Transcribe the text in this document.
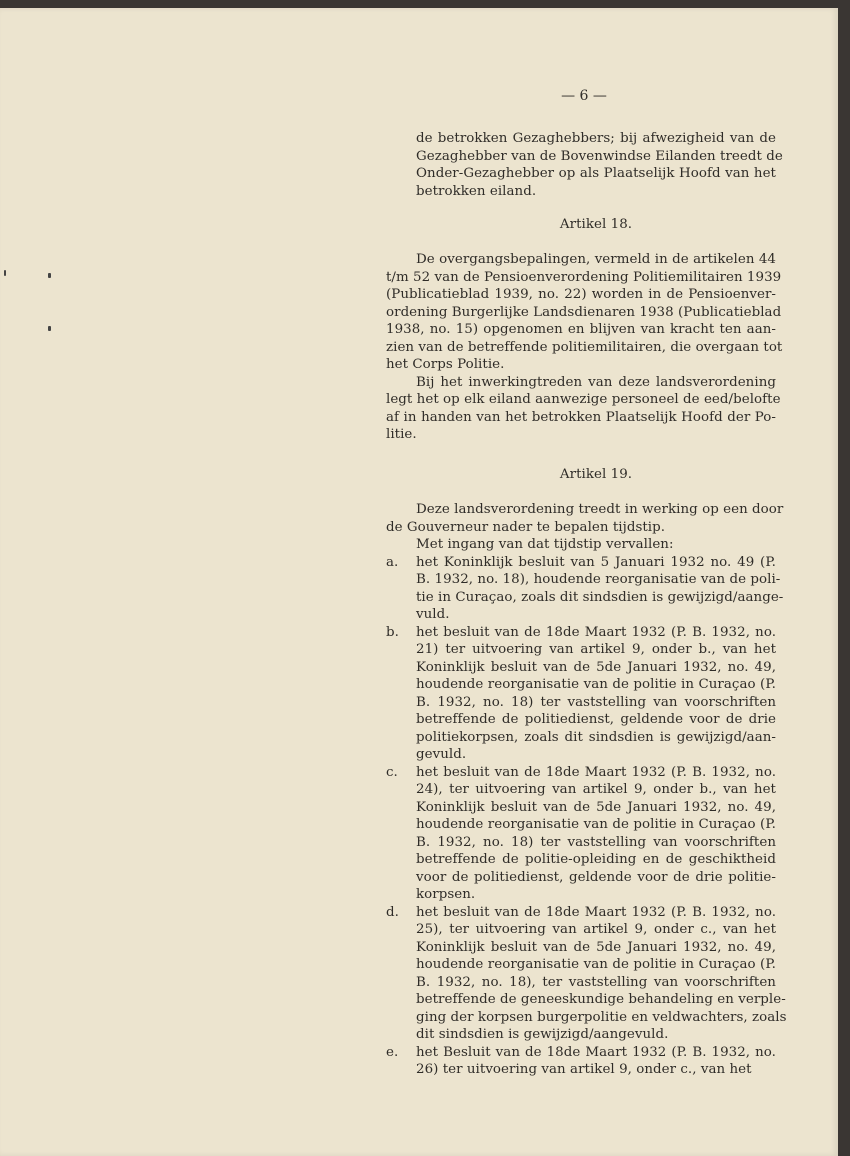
— 6 —
de betrokken Gezaghebbers; bij afwezigheid van de
Gezaghebber van de Bovenwindse Eilanden treedt de
Onder-Gezaghebber op als Plaatselijk Hoofd van het
betrokken eiland.
Artikel 18.
De overgangsbepalingen, vermeld in de artikelen 44
t/m 52 van de Pensioenverordening Politiemilitairen 1939
(Publicatieblad 1939, no. 22) worden in de Pensioenver-
ordening Burgerlijke Landsdienaren 1938 (Publicatieblad
1938, no. 15) opgenomen en blijven van kracht ten aan-
zien van de betreffende politiemilitairen, die overgaan tot
het Corps Politie.
Bij het inwerkingtreden van deze landsverordening
legt het op elk eiland aanwezige personeel de eed/belofte
af in handen van het betrokken Plaatselijk Hoofd der Po-
litie.
Artikel 19.
Deze landsverordening treedt in werking op een door
de Gouverneur nader te bepalen tijdstip.
Met ingang van dat tijdstip vervallen:
a.	het Koninklijk besluit van 5 Januari 1932 no. 49 (P.
B. 1932, no. 18), houdende reorganisatie van de poli-
tie in Curaçao, zoals dit sindsdien is gewijzigd/aange-
vuld.
b.	het besluit van de 18de Maart 1932 (P. B. 1932, no.
21) ter uitvoering van artikel 9, onder b., van het
Koninklijk besluit van de 5de Januari 1932, no. 49,
houdende reorganisatie van de politie in Curaçao (P.
B. 1932, no. 18) ter vaststelling van voorschriften
betreffende de politiedienst, geldende voor de drie
politiekorpsen, zoals dit sindsdien is gewijzigd/aan-
gevuld.
c.	het besluit van de 18de Maart 1932 (P. B. 1932, no.
24), ter uitvoering van artikel 9, onder b., van het
Koninklijk besluit van de 5de Januari 1932, no. 49,
houdende reorganisatie van de politie in Curaçao (P.
B. 1932, no. 18) ter vaststelling van voorschriften
betreffende de politie-opleiding en de geschiktheid
voor de politiedienst, geldende voor de drie politie-
korpsen.
d.	het besluit van de 18de Maart 1932 (P. B. 1932, no.
25), ter uitvoering van artikel 9, onder c., van het
Koninklijk besluit van de 5de Januari 1932, no. 49,
houdende reorganisatie van de politie in Curaçao (P.
B. 1932, no. 18), ter vaststelling van voorschriften
betreffende de geneeskundige behandeling en verple-
ging der korpsen burgerpolitie en veldwachters, zoals
dit sindsdien is gewijzigd/aangevuld.
e.	het Besluit van de 18de Maart 1932 (P. B. 1932, no.
26) ter uitvoering van artikel 9, onder c., van het
